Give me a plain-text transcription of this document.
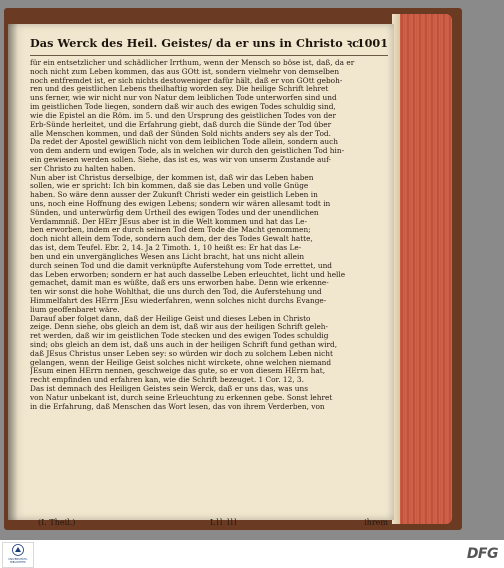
Das Werck des Heil. Geistes/ da er uns in Christo ꝛc.
1001
für ein entsetzlicher und schädlicher Irrthum, wenn der Mensch so böse ist, daß, da er
noch nicht zum Leben kommen, das aus GOtt ist, sondern vielmehr von demselben
noch entfremdet ist, er sich nichts destoweniger dafür hält, daß er von GOtt geboh-
ren und des geistlichen Lebens theilhaftig worden sey. Die heilige Schrift lehret
uns ferner, wie wir nicht nur von Natur dem leiblichen Tode unterworfen sind und
im geistlichen Tode liegen, sondern daß wir auch des ewigen Todes schuldig sind,
wie die Epistel an die Röm. im 5. und den Ursprung des geistlichen Todes von der
Erb-Sünde herleitet, und die Erfahrung giebt, daß durch die Sünde der Tod über
alle Menschen kommen, und daß der Sünden Sold nichts anders sey als der Tod.
Da redet der Apostel gewißlich nicht von dem leiblichen Tode allein, sondern auch
von dem andern und ewigen Tode, als in welchen wir durch den geistlichen Tod hin-
ein gewiesen werden sollen. Siehe, das ist es, was wir von unserm Zustande auf-
ser Christo zu halten haben.
Nun aber ist Christus derselbige, der kommen ist, daß wir das Leben haben
sollen, wie er spricht: Ich bin kommen, daß sie das Leben und volle Gnüge
haben. So wäre denn ausser der Zukunft Christi weder ein geistlich Leben in
uns, noch eine Hoffnung des ewigen Lebens; sondern wir wären allesamt todt in
Sünden, und unterwürfig dem Urtheil des ewigen Todes und der unendlichen
Verdammniß. Der HErr JEsus aber ist in die Welt kommen und hat das Le-
ben erworben, indem er durch seinen Tod dem Tode die Macht genommen;
doch nicht allein dem Tode, sondern auch dem, der des Todes Gewalt hatte,
das ist, dem Teufel. Ebr. 2, 14. Ja 2 Timoth. 1, 10 heißt es: Er hat das Le-
ben und ein unvergängliches Wesen ans Licht bracht, hat uns nicht allein
durch seinen Tod und die damit verknüpfte Auferstehung vom Tode errettet, und
das Leben erworben; sondern er hat auch dasselbe Leben erleuchtet, licht und helle
gemachet, damit man es wüßte, daß ers uns erworben habe. Denn wie erkenne-
ten wir sonst die hohe Wohlthat, die uns durch den Tod, die Auferstehung und
Himmelfahrt des HErrn JEsu wiederfahren, wenn solches nicht durchs Evange-
lium geoffenbaret wäre.
Darauf aber folget dann, daß der Heilige Geist und dieses Leben in Christo
zeige. Denn siehe, obs gleich an dem ist, daß wir aus der heiligen Schrift geleh-
ret werden, daß wir im geistlichen Tode stecken und des ewigen Todes schuldig
sind; obs gleich an dem ist, daß uns auch in der heiligen Schrift fund gethan wird,
daß JEsus Christus unser Leben sey: so würden wir doch zu solchem Leben nicht
gelangen, wenn der Heilige Geist solches nicht wirckete, ohne welchen niemand
JEsum einen HErrn nennen, geschweige das gute, so er von diesem HErrn hat,
recht empfinden und erfahren kan, wie die Schrift bezeuget. 1 Cor. 12, 3.
Das ist demnach des Heiligen Geistes sein Werck, daß er uns das, was uns
von Natur unbekant ist, durch seine Erleuchtung zu erkennen gebe. Sonst lehret
in die Erfahrung, daß Menschen das Wort lesen, das von ihrem Verderben, von
(I. Theil.)	Lll lll	ihrem
UNIVERSITÄTS- BIBLIOTHEK
DFG
